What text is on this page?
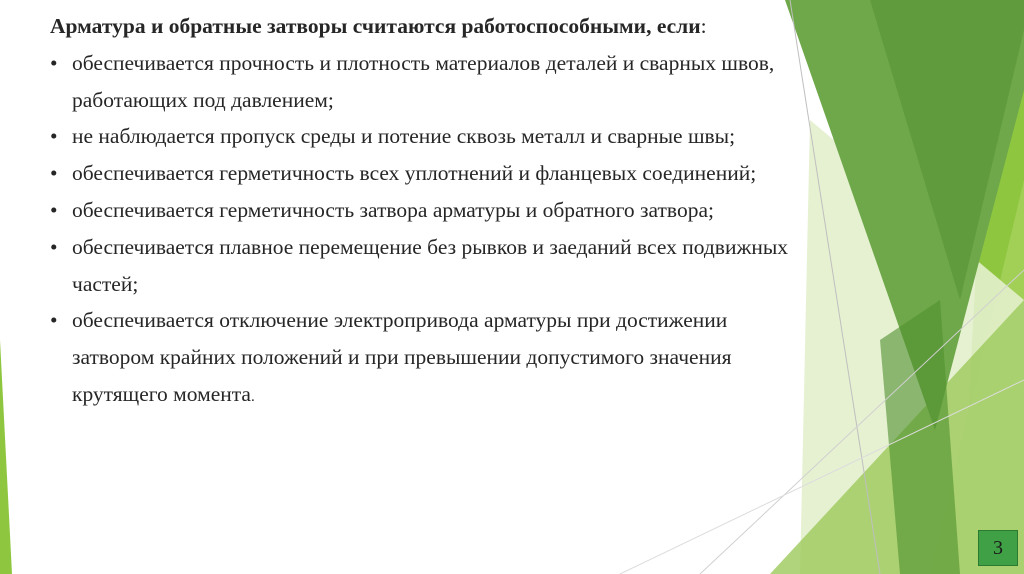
Арматура и обратные затворы считаются работоспособными, если:
• обеспечивается прочность и плотность материалов деталей и сварных швов, работающих под давлением;
• не наблюдается пропуск среды и потение сквозь металл и сварные швы;
• обеспечивается герметичность всех уплотнений и фланцевых соединений;
• обеспечивается герметичность затвора арматуры и обратного затвора;
• обеспечивается плавное перемещение без рывков и заеданий всех подвижных частей;
• обеспечивается отключение электропривода арматуры при достижении затвором крайних положений и при превышении допустимого значения крутящего момента.
3
